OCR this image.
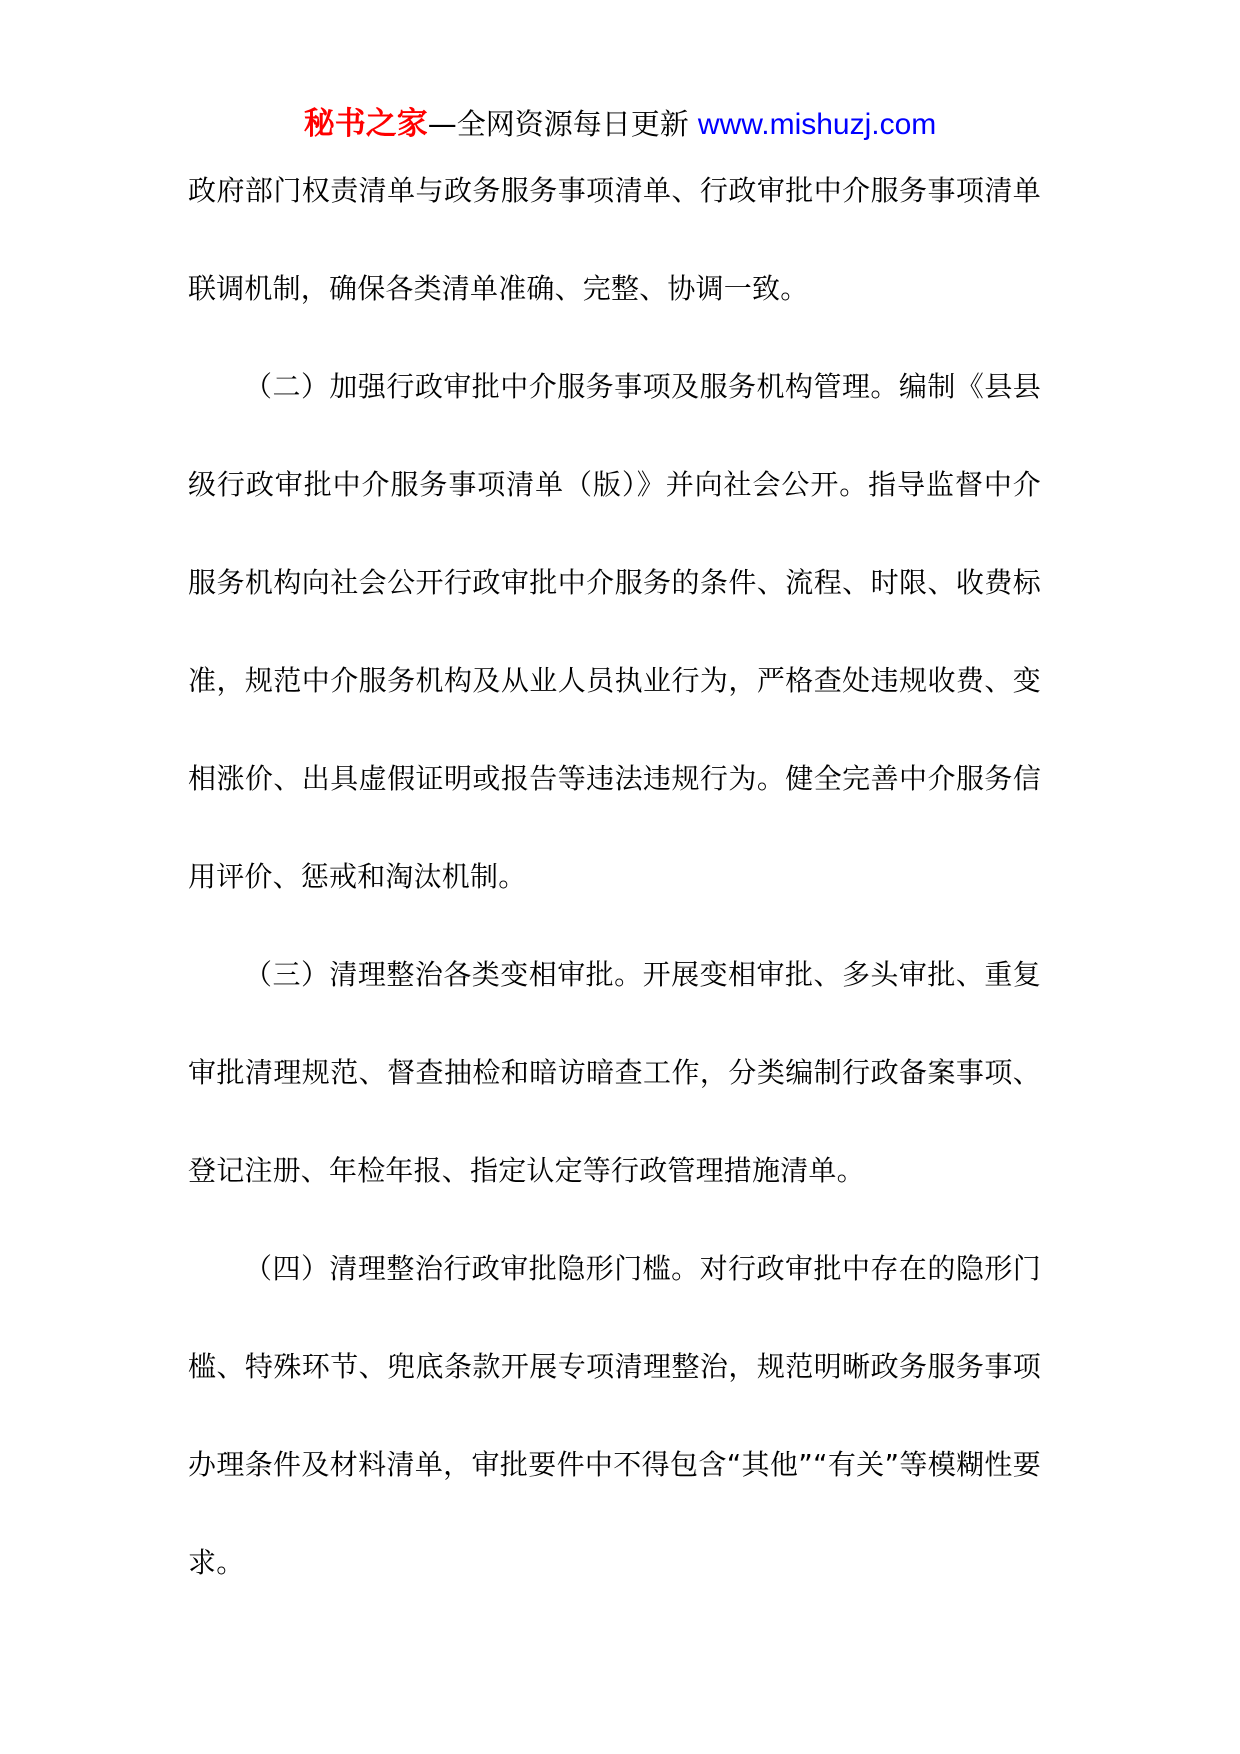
秘书之家—全网资源每日更新 www.mishuzj.com

政府部门权责清单与政务服务事项清单、行政审批中介服务事项清单联调机制，确保各类清单准确、完整、协调一致。

（二）加强行政审批中介服务事项及服务机构管理。编制《县县级行政审批中介服务事项清单（版）》并向社会公开。指导监督中介服务机构向社会公开行政审批中介服务的条件、流程、时限、收费标准，规范中介服务机构及从业人员执业行为，严格查处违规收费、变相涨价、出具虚假证明或报告等违法违规行为。健全完善中介服务信用评价、惩戒和淘汰机制。

（三）清理整治各类变相审批。开展变相审批、多头审批、重复审批清理规范、督查抽检和暗访暗查工作，分类编制行政备案事项、登记注册、年检年报、指定认定等行政管理措施清单。

（四）清理整治行政审批隐形门槛。对行政审批中存在的隐形门槛、特殊环节、兜底条款开展专项清理整治，规范明晰政务服务事项办理条件及材料清单，审批要件中不得包含“其他”“有关”等模糊性要求。
